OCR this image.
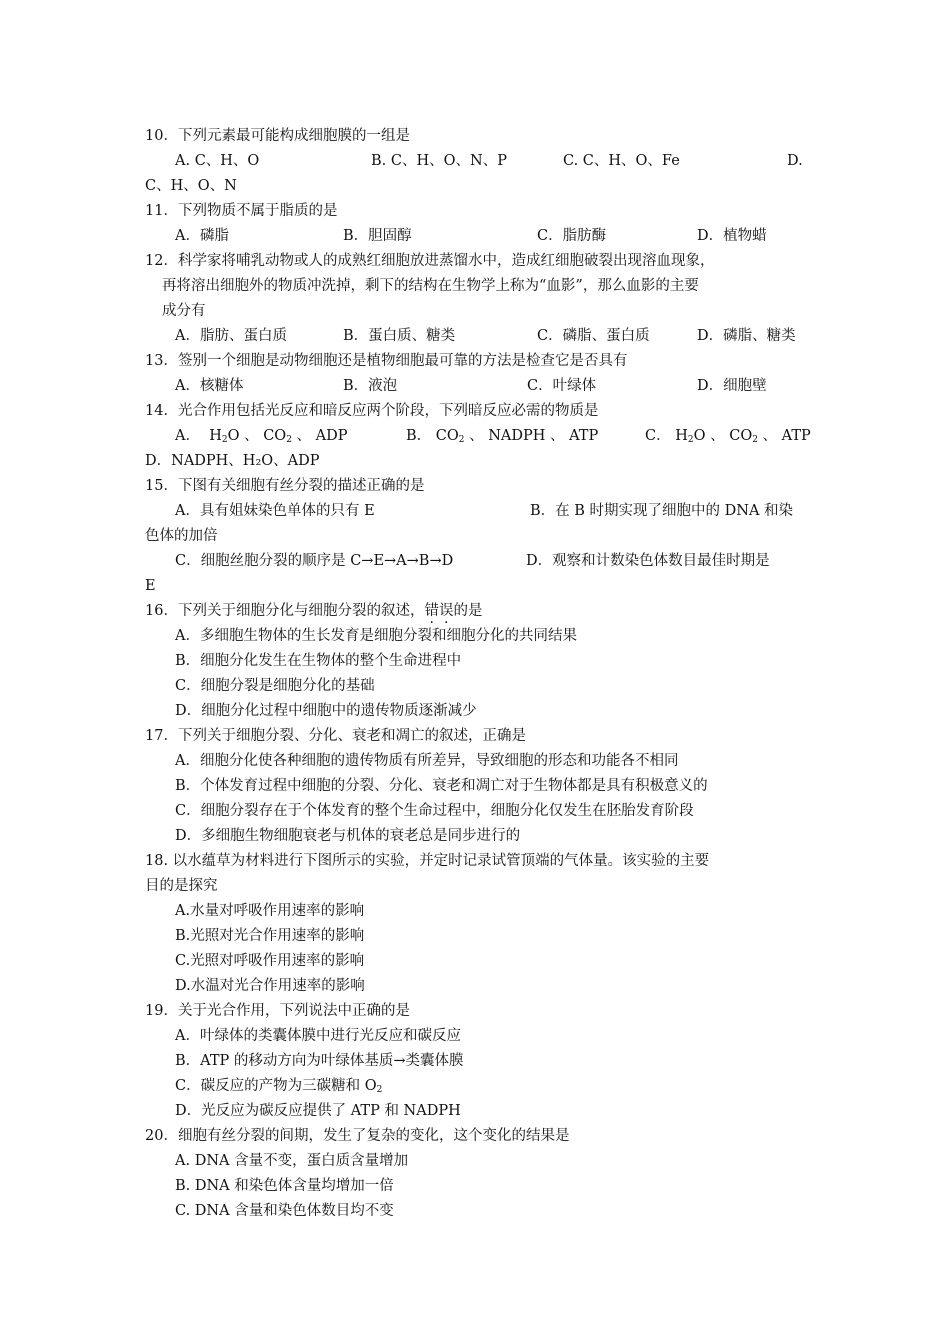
10．下列元素最可能构成细胞膜的一组是
A. C、H、O	B. C、H、O、N、P	C. C、H、O、Fe	D.
C、H、O、N
11．下列物质不属于脂质的是
A．磷脂	B．胆固醇	C．脂肪酶	D．植物蜡
12．科学家将哺乳动物或人的成熟红细胞放进蒸馏水中，造成红细胞破裂出现溶血现象，
再将溶出细胞外的物质冲洗掉，剩下的结构在生物学上称为“血影”，那么血影的主要
成分有
A．脂肪、蛋白质	B．蛋白质、糖类	C．磷脂、蛋白质	D．磷脂、糖类
13．签别一个细胞是动物细胞还是植物细胞最可靠的方法是检查它是否具有
A．核糖体	B．液泡	C．叶绿体	D．细胞壁
14．光合作用包括光反应和暗反应两个阶段，下列暗反应必需的物质是
A． $H_2O$ 、 $CO_2$ 、 ADP	B． $CO_2$ 、 NADPH 、 ATP	C． $H_2O$ 、 $CO_2$ 、 ATP
D．NADPH、H₂O、ADP
15．下图有关细胞有丝分裂的描述正确的是
A．具有姐妹染色单体的只有 E	B．在 B 时期实现了细胞中的 DNA 和染
色体的加倍
C．细胞丝胞分裂的顺序是 C→E→A→B→D	D．观察和计数染色体数目最佳时期是
E
16．下列关于细胞分化与细胞分裂的叙述，错误的是
A．多细胞生物体的生长发育是细胞分裂和细胞分化的共同结果
B．细胞分化发生在生物体的整个生命进程中
C．细胞分裂是细胞分化的基础
D．细胞分化过程中细胞中的遗传物质逐渐减少
17．下列关于细胞分裂、分化、衰老和凋亡的叙述，正确是
A．细胞分化使各种细胞的遗传物质有所差异，导致细胞的形态和功能各不相同
B．个体发育过程中细胞的分裂、分化、衰老和凋亡对于生物体都是具有积极意义的
C．细胞分裂存在于个体发育的整个生命过程中，细胞分化仅发生在胚胎发育阶段
D．多细胞生物细胞衰老与机体的衰老总是同步进行的
18. 以水蕴草为材料进行下图所示的实验，并定时记录试管顶端的气体量。该实验的主要
目的是探究
A.水量对呼吸作用速率的影响
B.光照对光合作用速率的影响
C.光照对呼吸作用速率的影响
D.水温对光合作用速率的影响
19．关于光合作用，下列说法中正确的是
A．叶绿体的类囊体膜中进行光反应和碳反应
B．ATP 的移动方向为叶绿体基质→类囊体膜
C．碳反应的产物为三碳糖和 $O_2$
D．光反应为碳反应提供了 ATP 和 NADPH
20．细胞有丝分裂的间期，发生了复杂的变化，这个变化的结果是
A. DNA 含量不变，蛋白质含量增加
B. DNA 和染色体含量均增加一倍
C. DNA 含量和染色体数目均不变
